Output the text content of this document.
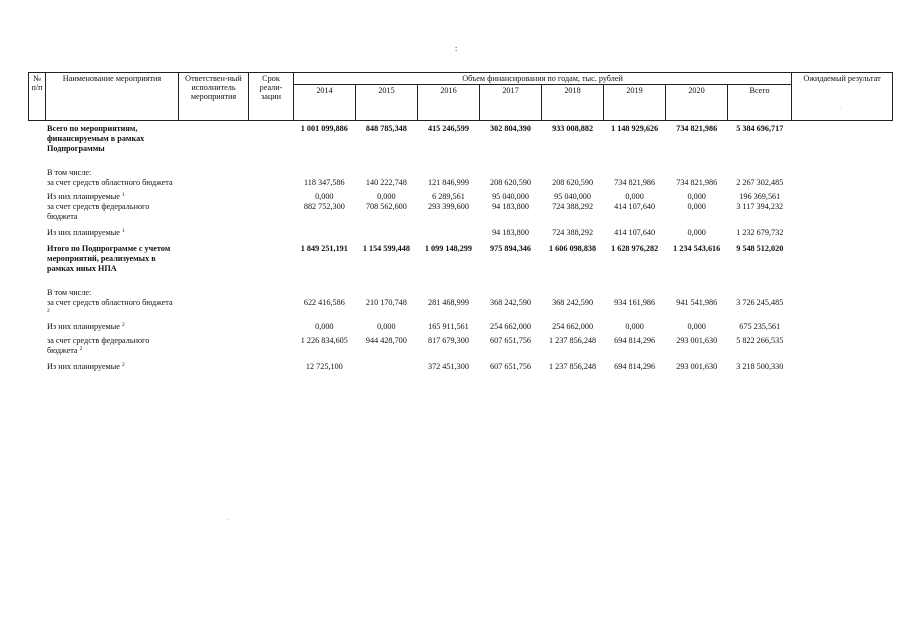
:
.
.
№ п/п	Наименование мероприятия	Ответствен-ный исполнитель мероприятия	Срок реали-зации	Объем финансирования по годам, тыс. рублей								Ожидаемый результат
				2014	2015	2016	2017	2018	2019	2020	Всего	
	Всего по мероприятиям, финансируемым в рамках Подпрограммы			1 001 099,886	848 785,348	415 246,599	302 804,390	933 008,882	1 148 929,626	734 821,986	5 384 696,717	

	В том числе:											
	за счет средств областного бюджета			118 347,586	140 222,748	121 846,999	208 620,590	208 620,590	734 821,986	734 821,986	2 267 302,485	

	Из них планируемые $^1$			0,000	0,000	6 289,561	95 040,000	95 040,000	0,000	0,000	196 369,561	
	за счет средств федерального бюджета			882 752,300	708 562,600	293 399,600	94 183,800	724 388,292	414 107,640	0,000	3 117 394,232	

	Из них планируемые $^1$						94 183,800	724 388,292	414 107,640	0,000	1 232 679,732	

	Итого по Подпрограмме с учетом мероприятий, реализуемых в рамках иных НПА			1 849 251,191	1 154 599,448	1 099 148,299	975 894,346	1 606 098,838	1 628 976,282	1 234 543,616	9 548 512,020	

	В том числе:											
	за счет средств областного бюджета $^2$			622 416,586	210 170,748	281 468,999	368 242,590	368 242,590	934 161,986	941 541,986	3 726 245,485	

	Из них планируемые $^2$			0,000	0,000	165 911,561	254 662,000	254 662,000	0,000	0,000	675 235,561	

	за счет средств федерального бюджета $^2$			1 226 834,605	944 428,700	817 679,300	607 651,756	1 237 856,248	694 814,296	293 001,630	5 822 266,535	

	Из них планируемые $^2$			12 725,100		372 451,300	607 651,756	1 237 856,248	694 814,296	293 001,630	3 218 500,330	
